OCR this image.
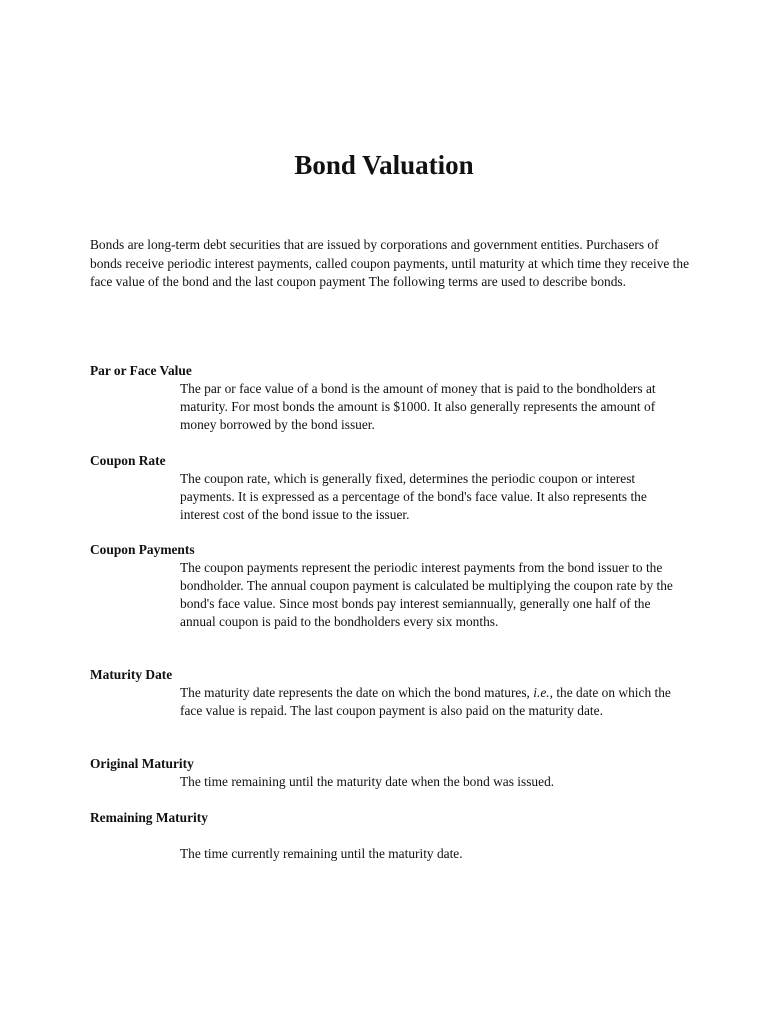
Bond Valuation

Bonds are long-term debt securities that are issued by corporations and government entities. Purchasers of bonds receive periodic interest payments, called coupon payments, until maturity at which time they receive the face value of the bond and the last coupon payment The following terms are used to describe bonds.

Par or Face Value

The par or face value of a bond is the amount of money that is paid to the bondholders at maturity. For most bonds the amount is $1000. It also generally represents the amount of money borrowed by the bond issuer.

Coupon Rate

The coupon rate, which is generally fixed, determines the periodic coupon or interest payments. It is expressed as a percentage of the bond's face value. It also represents the interest cost of the bond issue to the issuer.

Coupon Payments

The coupon payments represent the periodic interest payments from the bond issuer to the bondholder. The annual coupon payment is calculated be multiplying the coupon rate by the bond's face value. Since most bonds pay interest semiannually, generally one half of the annual coupon is paid to the bondholders every six months.

Maturity Date

The maturity date represents the date on which the bond matures, i.e., the date on which the face value is repaid. The last coupon payment is also paid on the maturity date.

Original Maturity

The time remaining until the maturity date when the bond was issued.

Remaining Maturity

The time currently remaining until the maturity date.
